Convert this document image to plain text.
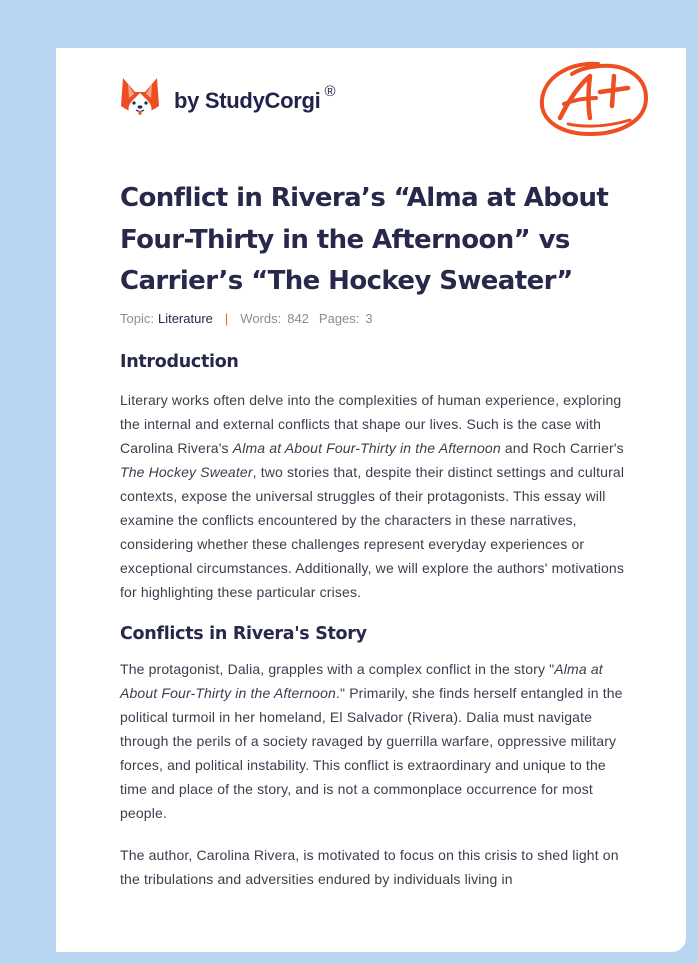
by StudyCorgi ®
Conflict in Rivera’s “Alma at About Four-Thirty in the Afternoon” vs Carrier’s “The Hockey Sweater”
Topic: Literature | Words: 842 Pages: 3
Introduction

Literary works often delve into the complexities of human experience, exploring the internal and external conflicts that shape our lives. Such is the case with Carolina Rivera's Alma at About Four-Thirty in the Afternoon and Roch Carrier's The Hockey Sweater, two stories that, despite their distinct settings and cultural contexts, expose the universal struggles of their protagonists. This essay will examine the conflicts encountered by the characters in these narratives, considering whether these challenges represent everyday experiences or exceptional circumstances. Additionally, we will explore the authors' motivations for highlighting these particular crises.

Conflicts in Rivera's Story

The protagonist, Dalia, grapples with a complex conflict in the story "Alma at About Four-Thirty in the Afternoon." Primarily, she finds herself entangled in the political turmoil in her homeland, El Salvador (Rivera). Dalia must navigate through the perils of a society ravaged by guerrilla warfare, oppressive military forces, and political instability. This conflict is extraordinary and unique to the time and place of the story, and is not a commonplace occurrence for most people.

The author, Carolina Rivera, is motivated to focus on this crisis to shed light on the tribulations and adversities endured by individuals living in
